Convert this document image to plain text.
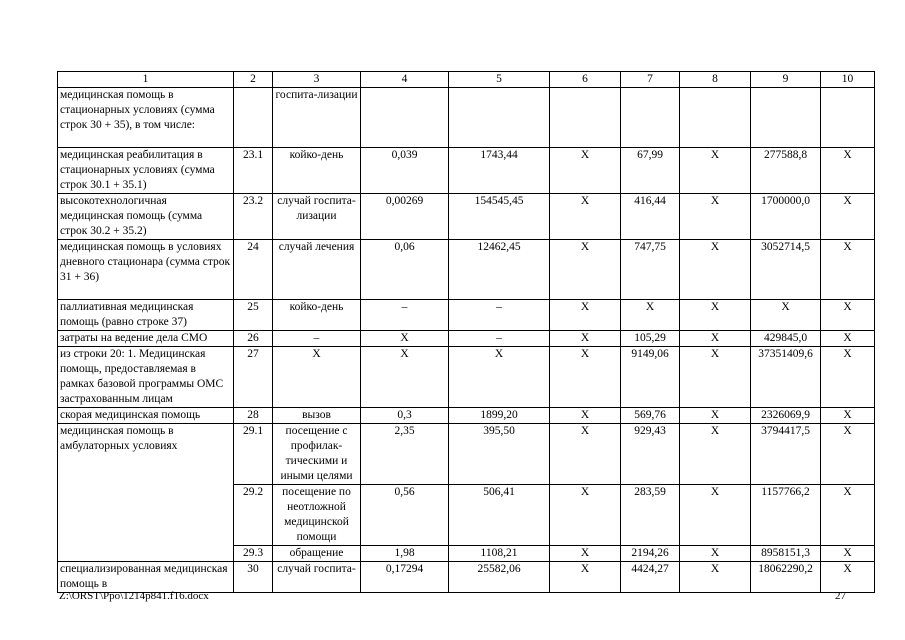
1	2	3	4	5	6	7	8	9	10
медицинская помощь в стационарных условиях (сумма строк 30 + 35), в том числе:		госпита-лизации							
медицинская реабилитация в стационарных условиях (сумма строк 30.1 + 35.1)	23.1	койко-день	0,039	1743,44	Х	67,99	Х	277588,8	Х
высокотехнологичная медицинская помощь (сумма строк 30.2 + 35.2)	23.2	случай госпита-лизации	0,00269	154545,45	Х	416,44	Х	1700000,0	Х
медицинская помощь в условиях дневного стационара (сумма строк 31 + 36)	24	случай лечения	0,06	12462,45	Х	747,75	Х	3052714,5	Х
паллиативная медицинская помощь (равно строке 37)	25	койко-день	–	–	Х	Х	Х	Х	Х
затраты на ведение дела СМО	26	–	Х	–	Х	105,29	Х	429845,0	Х
из строки 20: 1. Медицинская помощь, предоставляемая в рамках базовой программы ОМС застрахованным лицам	27	Х	Х	Х	Х	9149,06	Х	37351409,6	Х
скорая медицинская помощь	28	вызов	0,3	1899,20	Х	569,76	Х	2326069,9	Х
медицинская помощь в амбулаторных условиях	29.1	посещение с профилак-тическими и иными целями	2,35	395,50	Х	929,43	Х	3794417,5	Х
	29.2	посещение по неотложной медицинской помощи	0,56	506,41	Х	283,59	Х	1157766,2	Х
	29.3	обращение	1,98	1108,21	Х	2194,26	Х	8958151,3	Х
специализированная медицинская помощь в	30	случай госпита-	0,17294	25582,06	Х	4424,27	Х	18062290,2	Х
Z:\ORST\Ppo\1214p841.f16.docx	27
